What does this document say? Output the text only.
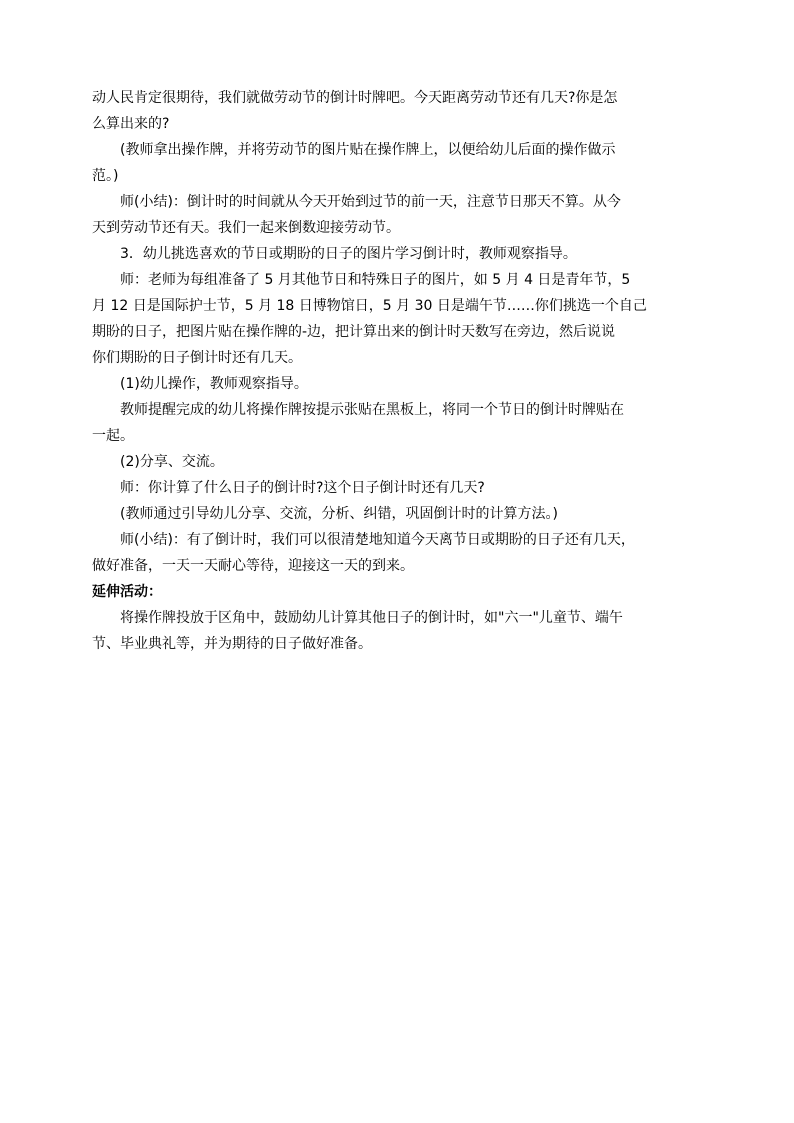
动人民肯定很期待，我们就做劳动节的倒计时牌吧。今天距离劳动节还有几天?你是怎
么算出来的?
(教师拿出操作牌，并将劳动节的图片贴在操作牌上，以便给幼儿后面的操作做示
范。)
师(小结)：倒计时的时间就从今天开始到过节的前一天，注意节日那天不算。从今
天到劳动节还有天。我们一起来倒数迎接劳动节。
3．幼儿挑选喜欢的节日或期盼的日子的图片学习倒计时，教师观察指导。
师：老师为每组准备了 5 月其他节日和特殊日子的图片，如 5 月 4 日是青年节，5
月 12 日是国际护士节，5 月 18 日博物馆日，5 月 30 日是端午节……你们挑选一个自己
期盼的日子，把图片贴在操作牌的-边，把计算出来的倒计时天数写在旁边，然后说说
你们期盼的日子倒计时还有几天。
(1)幼儿操作，教师观察指导。
教师提醒完成的幼儿将操作牌按提示张贴在黑板上，将同一个节日的倒计时牌贴在
一起。
(2)分享、交流。
师：你计算了什么日子的倒计时?这个日子倒计时还有几天?
(教师通过引导幼儿分享、交流，分析、纠错，巩固倒计时的计算方法。)
师(小结)：有了倒计时，我们可以很清楚地知道今天离节日或期盼的日子还有几天，
做好准备，一天一天耐心等待，迎接这一天的到来。
延伸活动：
将操作牌投放于区角中，鼓励幼儿计算其他日子的倒计时，如"六一"儿童节、端午
节、毕业典礼等，并为期待的日子做好准备。
